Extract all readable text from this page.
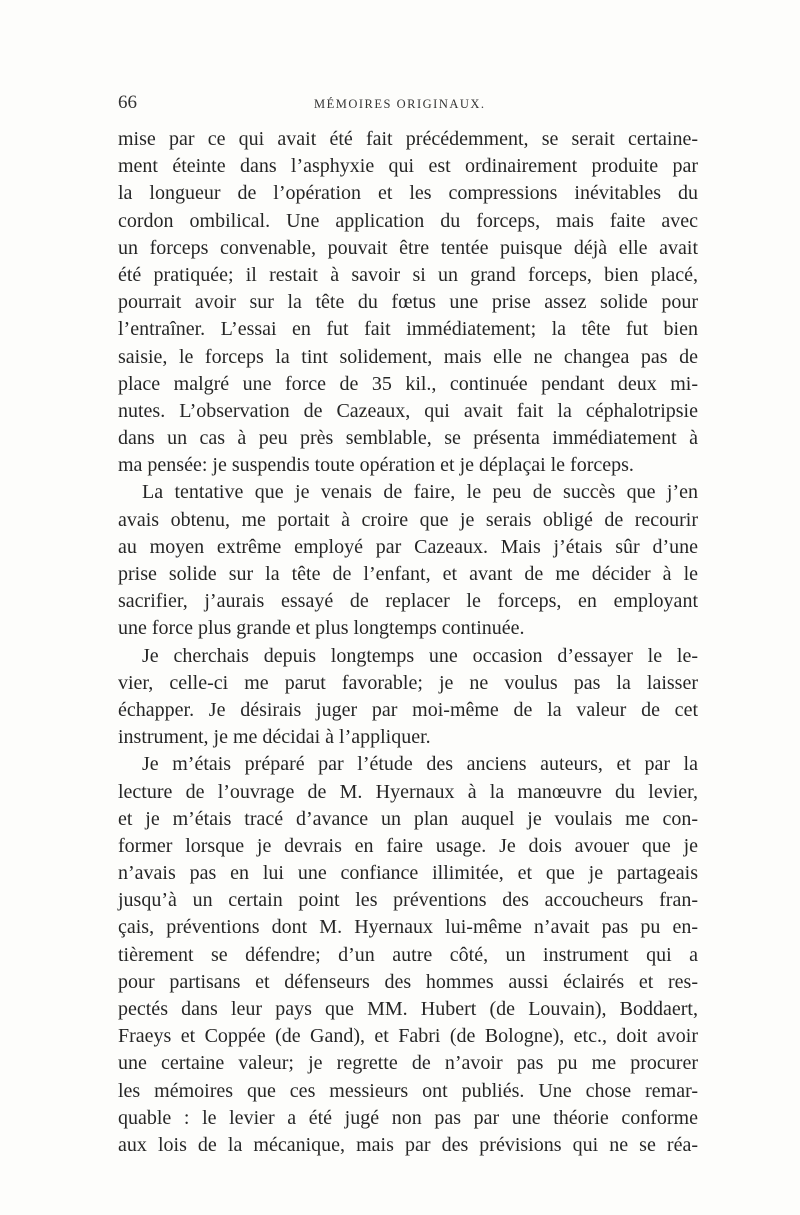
66	MÉMOIRES ORIGINAUX.
mise par ce qui avait été fait précédemment, se serait certaine-
ment éteinte dans l’asphyxie qui est ordinairement produite par
la longueur de l’opération et les compressions inévitables du
cordon ombilical. Une application du forceps, mais faite avec
un forceps convenable, pouvait être tentée puisque déjà elle avait
été pratiquée; il restait à savoir si un grand forceps, bien placé,
pourrait avoir sur la tête du fœtus une prise assez solide pour
l’entraîner. L’essai en fut fait immédiatement; la tête fut bien
saisie, le forceps la tint solidement, mais elle ne changea pas de
place malgré une force de 35 kil., continuée pendant deux mi-
nutes. L’observation de Cazeaux, qui avait fait la céphalotripsie
dans un cas à peu près semblable, se présenta immédiatement à
ma pensée: je suspendis toute opération et je déplaçai le forceps.
La tentative que je venais de faire, le peu de succès que j’en
avais obtenu, me portait à croire que je serais obligé de recourir
au moyen extrême employé par Cazeaux. Mais j’étais sûr d’une
prise solide sur la tête de l’enfant, et avant de me décider à le
sacrifier, j’aurais essayé de replacer le forceps, en employant
une force plus grande et plus longtemps continuée.
Je cherchais depuis longtemps une occasion d’essayer le le-
vier, celle-ci me parut favorable; je ne voulus pas la laisser
échapper. Je désirais juger par moi-même de la valeur de cet
instrument, je me décidai à l’appliquer.
Je m’étais préparé par l’étude des anciens auteurs, et par la
lecture de l’ouvrage de M. Hyernaux à la manœuvre du levier,
et je m’étais tracé d’avance un plan auquel je voulais me con-
former lorsque je devrais en faire usage. Je dois avouer que je
n’avais pas en lui une confiance illimitée, et que je partageais
jusqu’à un certain point les préventions des accoucheurs fran-
çais, préventions dont M. Hyernaux lui-même n’avait pas pu en-
tièrement se défendre; d’un autre côté, un instrument qui a
pour partisans et défenseurs des hommes aussi éclairés et res-
pectés dans leur pays que MM. Hubert (de Louvain), Boddaert,
Fraeys et Coppée (de Gand), et Fabri (de Bologne), etc., doit avoir
une certaine valeur; je regrette de n’avoir pas pu me procurer
les mémoires que ces messieurs ont publiés. Une chose remar-
quable : le levier a été jugé non pas par une théorie conforme
aux lois de la mécanique, mais par des prévisions qui ne se réa-
